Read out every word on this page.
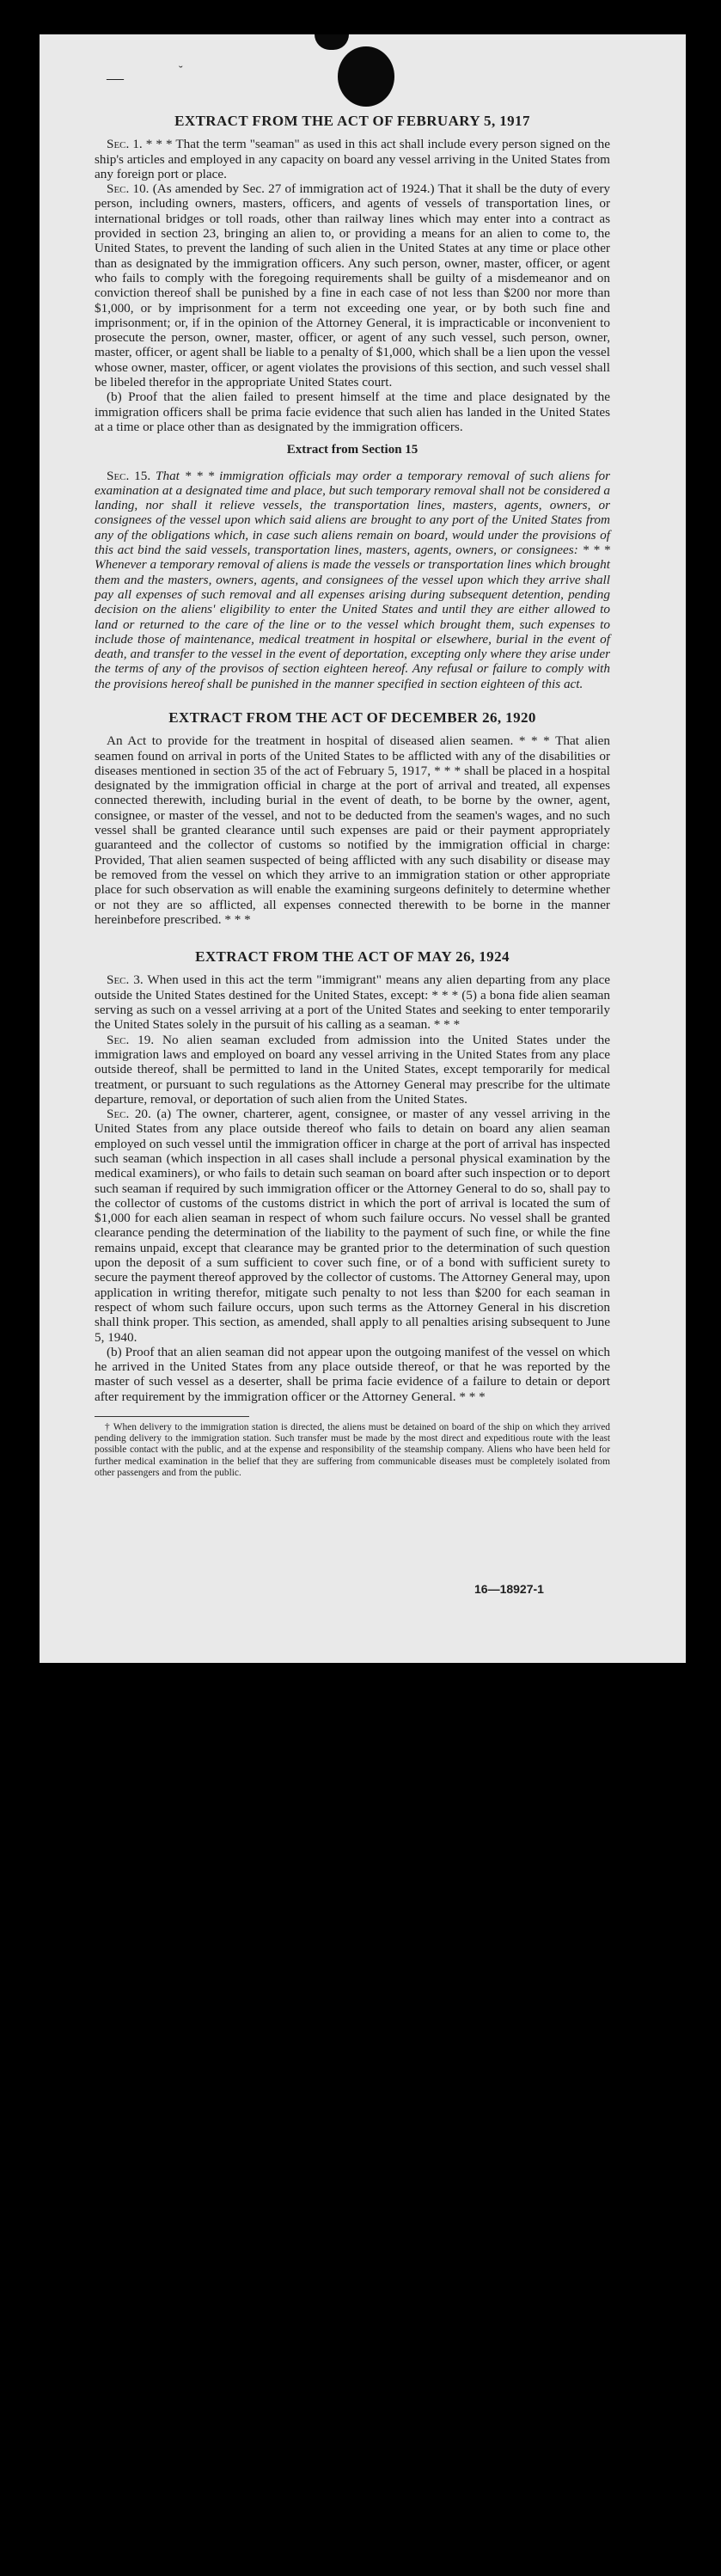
—	˘
EXTRACT FROM THE ACT OF FEBRUARY 5, 1917

Sec. 1. * * * That the term "seaman" as used in this act shall include every person signed on the ship's articles and employed in any capacity on board any vessel arriving in the United States from any foreign port or place.

Sec. 10. (As amended by Sec. 27 of immigration act of 1924.) That it shall be the duty of every person, including owners, masters, officers, and agents of vessels of transportation lines, or international bridges or toll roads, other than railway lines which may enter into a contract as provided in section 23, bringing an alien to, or providing a means for an alien to come to, the United States, to prevent the landing of such alien in the United States at any time or place other than as designated by the immigration officers. Any such person, owner, master, officer, or agent who fails to comply with the foregoing requirements shall be guilty of a misdemeanor and on conviction thereof shall be punished by a fine in each case of not less than $200 nor more than $1,000, or by imprisonment for a term not exceeding one year, or by both such fine and imprisonment; or, if in the opinion of the Attorney General, it is impracticable or inconvenient to prosecute the person, owner, master, officer, or agent of any such vessel, such person, owner, master, officer, or agent shall be liable to a penalty of $1,000, which shall be a lien upon the vessel whose owner, master, officer, or agent violates the provisions of this section, and such vessel shall be libeled therefor in the appropriate United States court.

(b) Proof that the alien failed to present himself at the time and place designated by the immigration officers shall be prima facie evidence that such alien has landed in the United States at a time or place other than as designated by the immigration officers.

Extract from Section 15

Sec. 15. That * * * immigration officials may order a temporary removal of such aliens for examination at a designated time and place, but such temporary removal shall not be considered a landing, nor shall it relieve vessels, the transportation lines, masters, agents, owners, or consignees of the vessel upon which said aliens are brought to any port of the United States from any of the obligations which, in case such aliens remain on board, would under the provisions of this act bind the said vessels, transportation lines, masters, agents, owners, or consignees: * * * Whenever a temporary removal of aliens is made the vessels or transportation lines which brought them and the masters, owners, agents, and consignees of the vessel upon which they arrive shall pay all expenses of such removal and all expenses arising during subsequent detention, pending decision on the aliens' eligibility to enter the United States and until they are either allowed to land or returned to the care of the line or to the vessel which brought them, such expenses to include those of maintenance, medical treatment in hospital or elsewhere, burial in the event of death, and transfer to the vessel in the event of deportation, excepting only where they arise under the terms of any of the provisos of section eighteen hereof. Any refusal or failure to comply with the provisions hereof shall be punished in the manner specified in section eighteen of this act.

EXTRACT FROM THE ACT OF DECEMBER 26, 1920

An Act to provide for the treatment in hospital of diseased alien seamen. * * * That alien seamen found on arrival in ports of the United States to be afflicted with any of the disabilities or diseases mentioned in section 35 of the act of February 5, 1917, * * * shall be placed in a hospital designated by the immigration official in charge at the port of arrival and treated, all expenses connected therewith, including burial in the event of death, to be borne by the owner, agent, consignee, or master of the vessel, and not to be deducted from the seamen's wages, and no such vessel shall be granted clearance until such expenses are paid or their payment appropriately guaranteed and the collector of customs so notified by the immigration official in charge: Provided, That alien seamen suspected of being afflicted with any such disability or disease may be removed from the vessel on which they arrive to an immigration station or other appropriate place for such observation as will enable the examining surgeons definitely to determine whether or not they are so afflicted, all expenses connected therewith to be borne in the manner hereinbefore prescribed. * * *

EXTRACT FROM THE ACT OF MAY 26, 1924

Sec. 3. When used in this act the term "immigrant" means any alien departing from any place outside the United States destined for the United States, except: * * * (5) a bona fide alien seaman serving as such on a vessel arriving at a port of the United States and seeking to enter temporarily the United States solely in the pursuit of his calling as a seaman. * * *

Sec. 19. No alien seaman excluded from admission into the United States under the immigration laws and employed on board any vessel arriving in the United States from any place outside thereof, shall be permitted to land in the United States, except temporarily for medical treatment, or pursuant to such regulations as the Attorney General may prescribe for the ultimate departure, removal, or deportation of such alien from the United States.

Sec. 20. (a) The owner, charterer, agent, consignee, or master of any vessel arriving in the United States from any place outside thereof who fails to detain on board any alien seaman employed on such vessel until the immigration officer in charge at the port of arrival has inspected such seaman (which inspection in all cases shall include a personal physical examination by the medical examiners), or who fails to detain such seaman on board after such inspection or to deport such seaman if required by such immigration officer or the Attorney General to do so, shall pay to the collector of customs of the customs district in which the port of arrival is located the sum of $1,000 for each alien seaman in respect of whom such failure occurs. No vessel shall be granted clearance pending the determination of the liability to the payment of such fine, or while the fine remains unpaid, except that clearance may be granted prior to the determination of such question upon the deposit of a sum sufficient to cover such fine, or of a bond with sufficient surety to secure the payment thereof approved by the collector of customs. The Attorney General may, upon application in writing therefor, mitigate such penalty to not less than $200 for each seaman in respect of whom such failure occurs, upon such terms as the Attorney General in his discretion shall think proper. This section, as amended, shall apply to all penalties arising subsequent to June 5, 1940.

(b) Proof that an alien seaman did not appear upon the outgoing manifest of the vessel on which he arrived in the United States from any place outside thereof, or that he was reported by the master of such vessel as a deserter, shall be prima facie evidence of a failure to detain or deport after requirement by the immigration officer or the Attorney General. * * *

† When delivery to the immigration station is directed, the aliens must be detained on board of the ship on which they arrived pending delivery to the immigration station. Such transfer must be made by the most direct and expeditious route with the least possible contact with the public, and at the expense and responsibility of the steamship company. Aliens who have been held for further medical examination in the belief that they are suffering from communicable diseases must be completely isolated from other passengers and from the public.

16—18927-1
